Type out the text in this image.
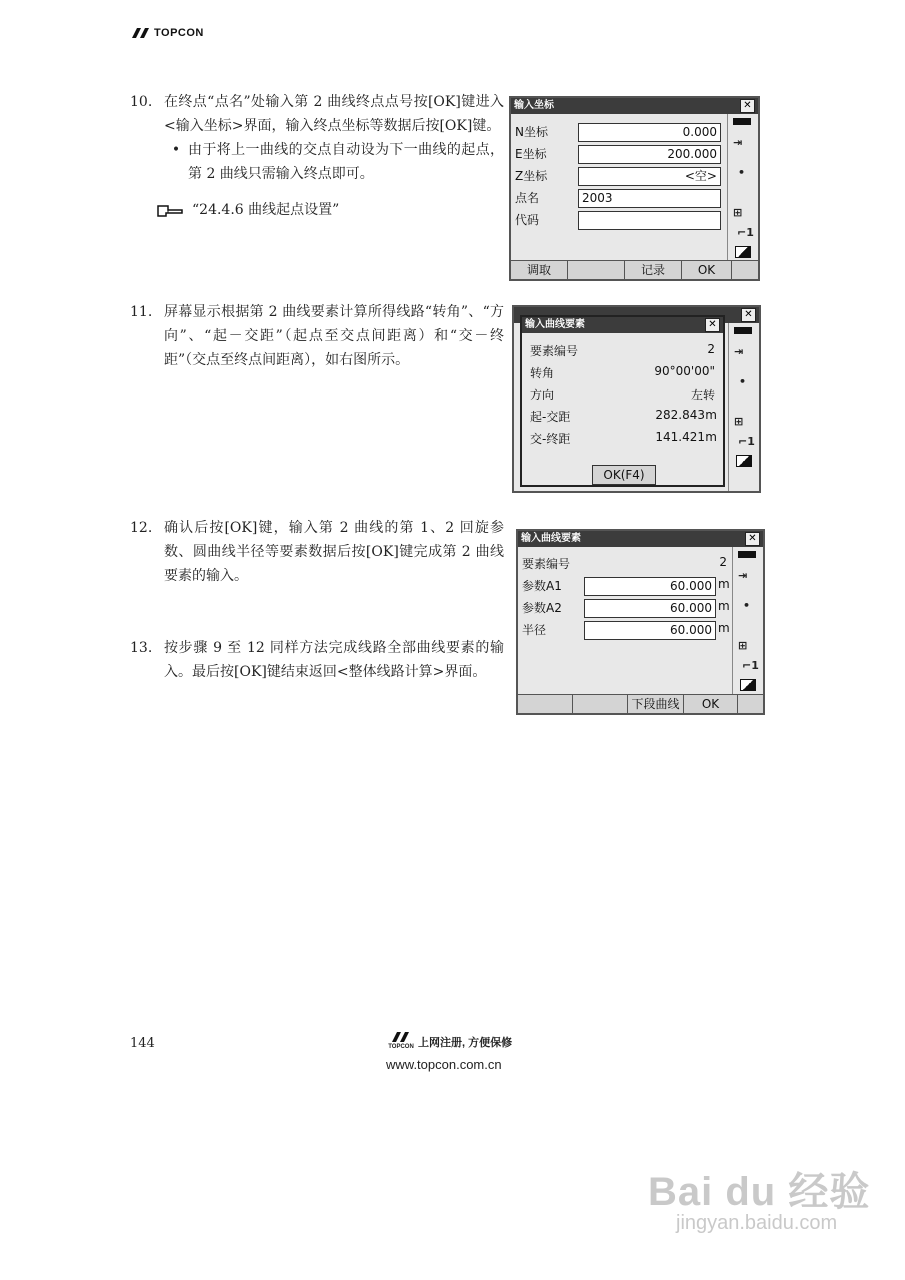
TOPCON
10. 在终点“点名”处输入第 2 曲线终点点号按[OK]键进入<输入坐标>界面，输入终点坐标等数据后按[OK]键。
• 由于将上一曲线的交点自动设为下一曲线的起点，第 2 曲线只需输入终点即可。
“24.4.6 曲线起点设置”
输入坐标	✕
⇥
•
⊞
⌐1
N坐标	0.000
E坐标	200.000
Z坐标	<空>
点名	2003
代码
调取	记录	OK
11. 屏幕显示根据第 2 曲线要素计算所得线路“转角”、“方向”、“起－交距”（起点至交点间距离）和“交－终距”（交点至终点间距离），如右图所示。
✕
⇥
•
⊞
⌐1
输入曲线要素	✕
要素编号	2
转角	90°00'00"
方向	左转
起-交距	282.843 m
交-终距	141.421 m
OK(F4)
12. 确认后按[OK]键，输入第 2 曲线的第 1、2 回旋参数、圆曲线半径等要素数据后按[OK]键完成第 2 曲线要素的输入。
输入曲线要素	✕
⇥
•
⊞
⌐1
要素编号	2
参数A1	60.000 m
参数A2	60.000 m
半径	60.000 m
下段曲线	OK
13. 按步骤 9 至 12 同样方法完成线路全部曲线要素的输入。最后按[OK]键结束返回<整体线路计算>界面。
144	TOPCON 上网注册, 方便保修
www.topcon.com.cn
Bai du 经验
jingyan.baidu.com
